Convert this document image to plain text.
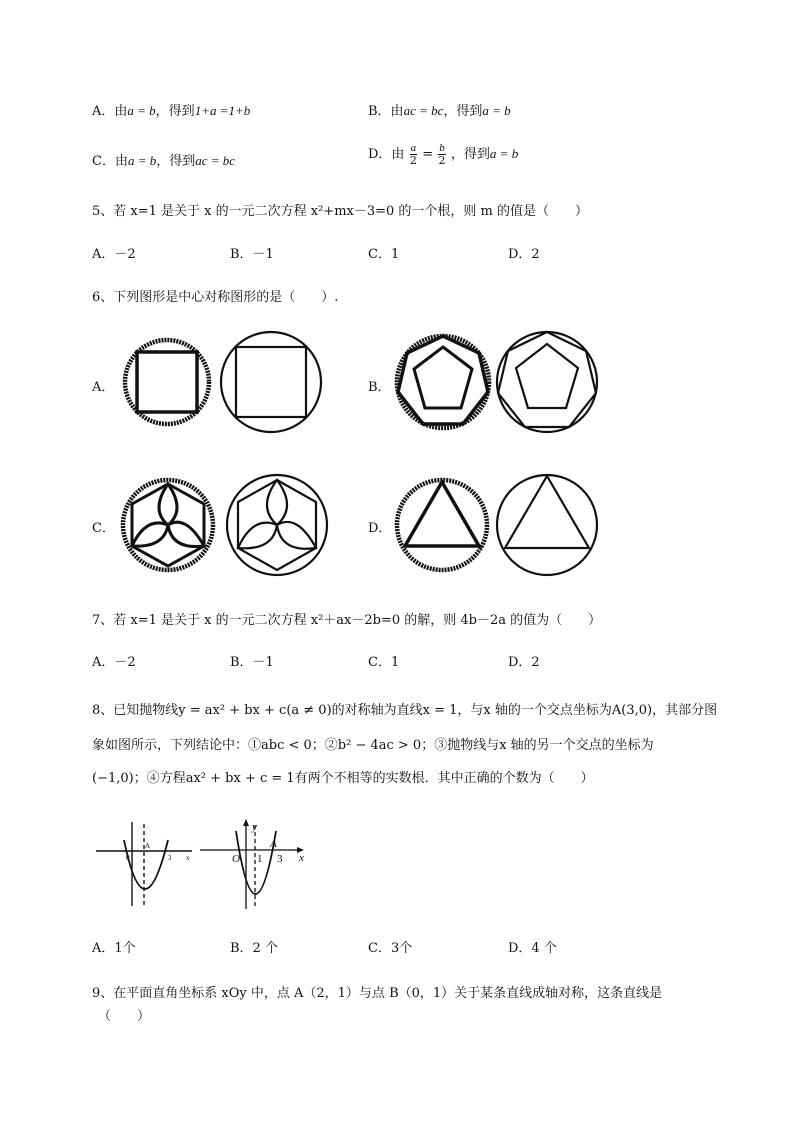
A．由a = b，得到1+a =1+b	B．由ac = bc，得到a = b
C．由a = b，得到ac = bc	D．由 $\frac{a}{2} = \frac{b}{2}$ ，得到a = b
5、若 x=1 是关于 x 的一元二次方程 x²+mx－3=0 的一个根，则 m 的值是（　　）
A．－2	B．－1	C．1	D．2
6、下列图形是中心对称图形的是（　　）.
A．	B．
C．	D．
7、若 x=1 是关于 x 的一元二次方程 x²＋ax－2b=0 的解，则 4b－2a 的值为（　　）
A．－2	B．－1	C．1	D．2
8、已知抛物线y = ax² + bx + c(a ≠ 0)的对称轴为直线x = 1，与x 轴的一个交点坐标为A(3,0)，其部分图
象如图所示，下列结论中：①abc < 0；②b² − 4ac > 0；③抛物线与x 轴的另一个交点的坐标为
(−1,0)；④方程ax² + bx + c = 1有两个不相等的实数根．其中正确的个数为（　　）
0
A
3 x
y
O 1 3
A
x
A．1个	B．2 个	C．3个	D．4 个
9、在平面直角坐标系 xOy 中，点 A（2，1）与点 B（0，1）关于某条直线成轴对称，这条直线是
（　　）
